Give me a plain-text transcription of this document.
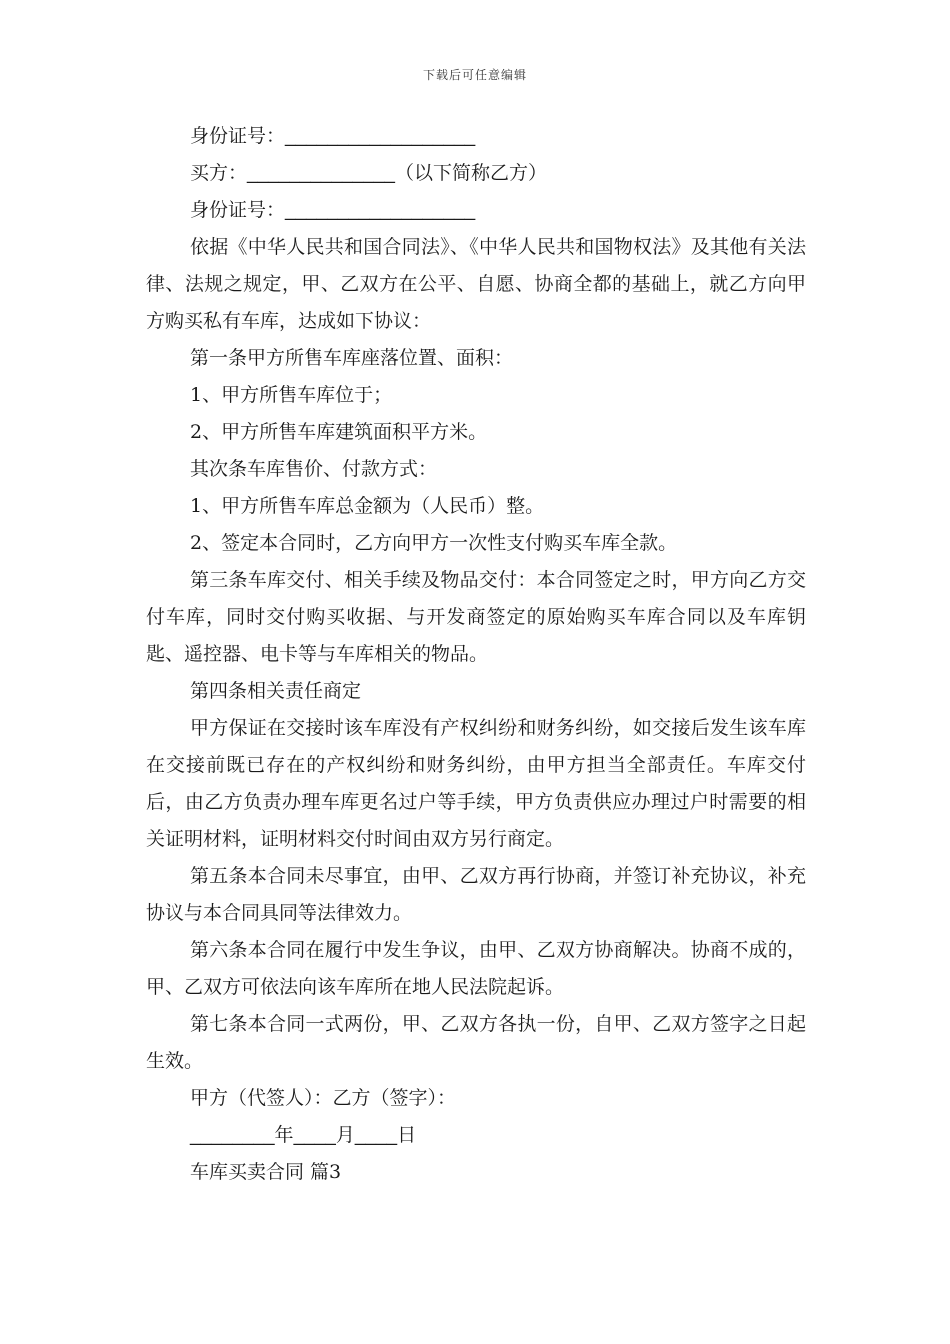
下载后可任意编辑

身份证号：__________________

买方：______________（以下简称乙方）

身份证号：__________________

依据《中华人民共和国合同法》、《中华人民共和国物权法》及其他有关法律、法规之规定，甲、乙双方在公平、自愿、协商全都的基础上，就乙方向甲方购买私有车库，达成如下协议：

第一条甲方所售车库座落位置、面积：

1、甲方所售车库位于；

2、甲方所售车库建筑面积平方米。

其次条车库售价、付款方式：

1、甲方所售车库总金额为（人民币）整。

2、签定本合同时，乙方向甲方一次性支付购买车库全款。

第三条车库交付、相关手续及物品交付：本合同签定之时，甲方向乙方交付车库，同时交付购买收据、与开发商签定的原始购买车库合同以及车库钥匙、遥控器、电卡等与车库相关的物品。

第四条相关责任商定

甲方保证在交接时该车库没有产权纠纷和财务纠纷，如交接后发生该车库在交接前既已存在的产权纠纷和财务纠纷，由甲方担当全部责任。车库交付后，由乙方负责办理车库更名过户等手续，甲方负责供应办理过户时需要的相关证明材料，证明材料交付时间由双方另行商定。

第五条本合同未尽事宜，由甲、乙双方再行协商，并签订补充协议，补充协议与本合同具同等法律效力。

第六条本合同在履行中发生争议，由甲、乙双方协商解决。协商不成的，甲、乙双方可依法向该车库所在地人民法院起诉。

第七条本合同一式两份，甲、乙双方各执一份，自甲、乙双方签字之日起生效。

甲方（代签人）：乙方（签字）：

________年____月____日

车库买卖合同 篇3
